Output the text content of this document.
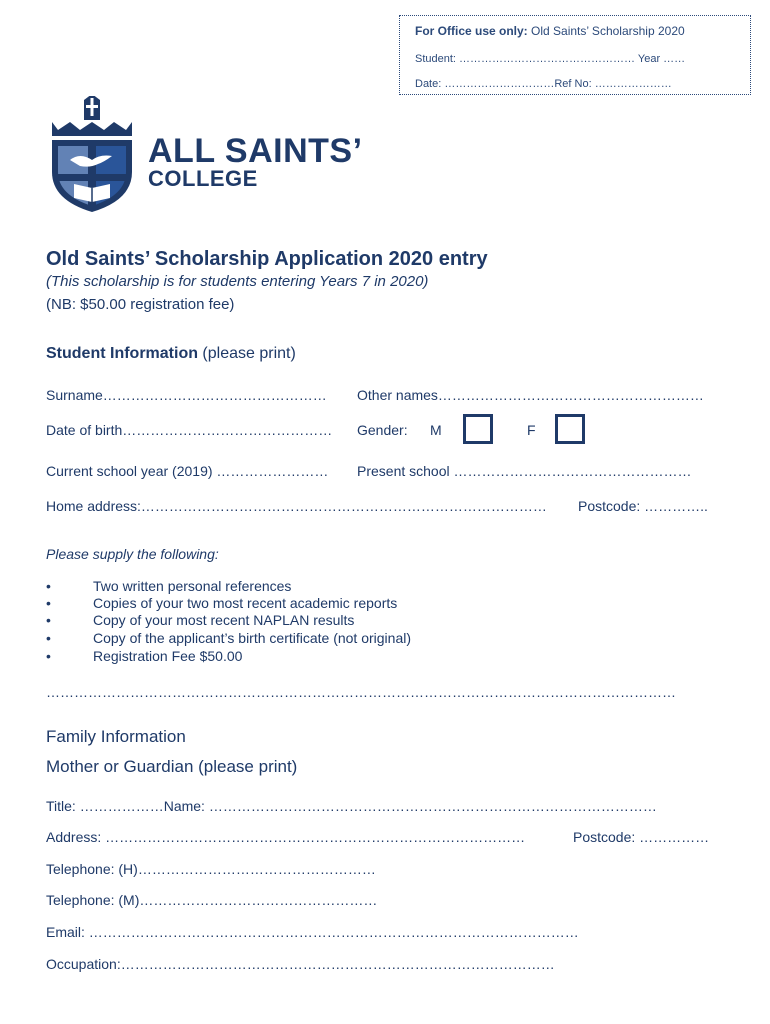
For Office use only: Old Saints’ Scholarship 2020
Student: ………………………………………… Year ……
Date: …………………………Ref No: …………………
ALL SAINTS’
COLLEGE
Old Saints’ Scholarship Application 2020 entry
(This scholarship is for students entering Years 7 in 2020)
(NB: $50.00 registration fee)
Student Information (please print)
Surname………………………………………… Other names…………………………………………………
Date of birth……………………………………… Gender: M	F
Current school year (2019) …………………… Present school ……………………………………………
Home address:…………………………………………………………………………… Postcode: …………..
Please supply the following:
•	Two written personal references
•	Copies of your two most recent academic reports
•	Copy of your most recent NAPLAN results
•	Copy of the applicant’s birth certificate (not original)
•	Registration Fee $50.00
………………………………………………………………………………………………………………………
Family Information
Mother or Guardian (please print)
Title: ………………Name: ……………………………………………………………………………………
Address: ………………………………………………………………………………	Postcode: ……………
Telephone: (H)……………………………………………
Telephone: (M)……………………………………………
Email: ……………………………………………………………………………………………
Occupation:…………………………………………………………………………………
